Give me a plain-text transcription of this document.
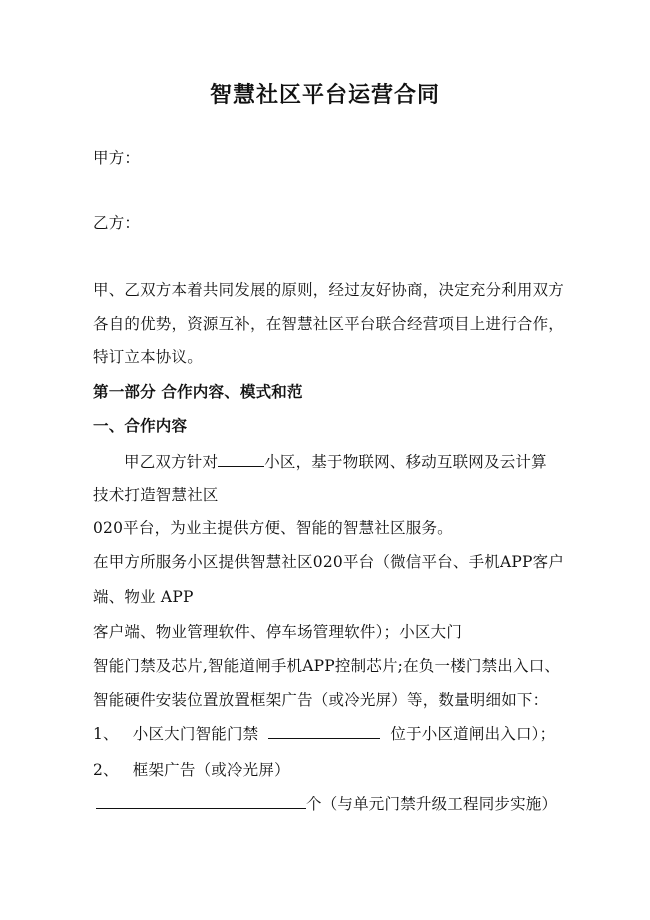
智慧社区平台运营合同
甲方：
乙方：
甲、乙双方本着共同发展的原则，经过友好协商，决定充分利用双方
各自的优势，资源互补，在智慧社区平台联合经营项目上进行合作，
特订立本协议。
第一部分 合作内容、模式和范
一、合作内容
甲乙双方针对	小区，基于物联网、移动互联网及云计算
技术打造智慧社区
020平台，为业主提供方便、智能的智慧社区服务。
在甲方所服务小区提供智慧社区020平台（微信平台、手机APP客户
端、物业 APP
客户端、物业管理软件、停车场管理软件）；小区大门
智能门禁及芯片,智能道闸手机APP控制芯片;在负一楼门禁出入口、
智能硬件安装位置放置框架广告（或冷光屏）等，数量明细如下：
1、 小区大门智能门禁	位于小区道闸出入口）；
2、 框架广告（或冷光屏）
个（与单元门禁升级工程同步实施）
